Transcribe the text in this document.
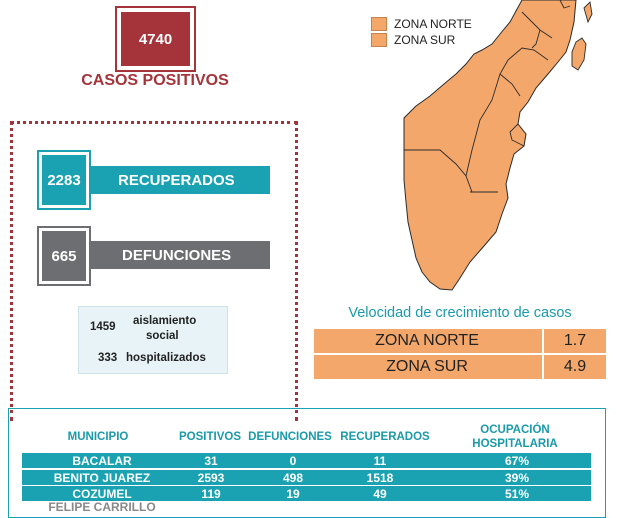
4740
CASOS POSITIVOS
RECUPERADOS
2283
DEFUNCIONES
665
1459 aislamiento
social
333 hospitalizados
ZONA NORTE
ZONA SUR
Velocidad de crecimiento de casos
ZONA NORTE	1.7
ZONA SUR	4.9
MUNICIPIO	POSITIVOS DEFUNCIONES RECUPERADOS
OCUPACIÓN
HOSPITALARIA
BACALAR	31	0	11	67%
BENITO JUAREZ	2593	498	1518	39%
COZUMEL	119	19	49	51%
FELIPE CARRILLO
